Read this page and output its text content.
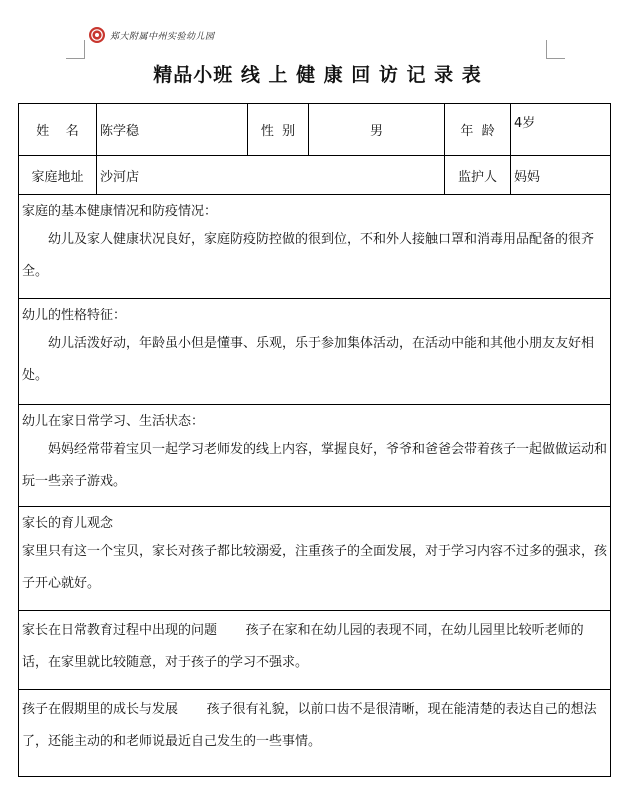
郑大附属中州实验幼儿园
精品小班 线 上 健 康 回 访 记 录 表
姓    名	陈学稳	性  别	男	年  龄	4岁
家庭地址	沙河店			监护人	妈妈

家庭的基本健康情况和防疫情况：
幼儿及家人健康状况良好，家庭防疫防控做的很到位，不和外人接触口罩和消毒用品配备的很齐全。					

幼儿的性格特征：
幼儿活泼好动，年龄虽小但是懂事、乐观，乐于参加集体活动，在活动中能和其他小朋友友好相处。					

幼儿在家日常学习、生活状态：
妈妈经常带着宝贝一起学习老师发的线上内容，掌握良好，爷爷和爸爸会带着孩子一起做做运动和玩一些亲子游戏。					

家长的育儿观念
家里只有这一个宝贝，家长对孩子都比较溺爱，注重孩子的全面发展，对于学习内容不过多的强求，孩子开心就好。					

家长在日常教育过程中出现的问题 孩子在家和在幼儿园的表现不同，在幼儿园里比较听老师的话，在家里就比较随意，对于孩子的学习不强求。					
孩子在假期里的成长与发展 孩子很有礼貌，以前口齿不是很清晰，现在能清楚的表达自己的想法了，还能主动的和老师说最近自己发生的一些事情。					
